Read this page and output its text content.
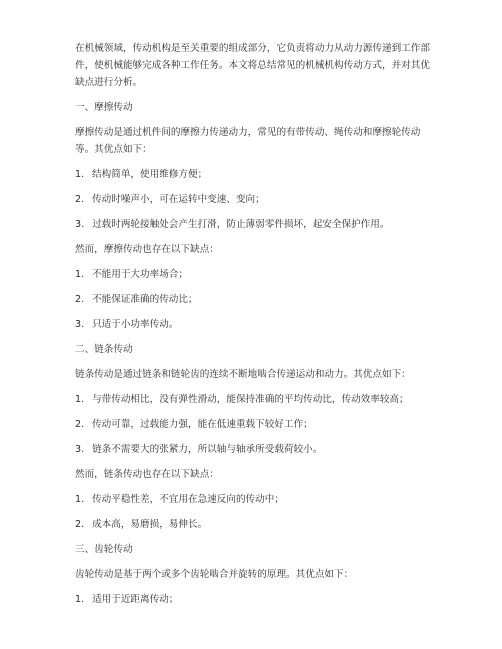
在机械领域，传动机构是至关重要的组成部分，它负责将动力从动力源传递到工作部件，使机械能够完成各种工作任务。本文将总结常见的机械机构传动方式，并对其优缺点进行分析。

一、摩擦传动

摩擦传动是通过机件间的摩擦力传递动力，常见的有带传动、绳传动和摩擦轮传动等。其优点如下：

1. 结构简单，使用维修方便；

2. 传动时噪声小，可在运转中变速、变向；

3. 过载时两轮接触处会产生打滑，防止薄弱零件损坏，起安全保护作用。

然而，摩擦传动也存在以下缺点：

1. 不能用于大功率场合；

2. 不能保证准确的传动比；

3. 只适于小功率传动。

二、链条传动

链条传动是通过链条和链轮齿的连续不断地啮合传递运动和动力。其优点如下：

1. 与带传动相比，没有弹性滑动，能保持准确的平均传动比，传动效率较高；

2. 传动可靠，过载能力强，能在低速重载下较好工作；

3. 链条不需要大的张紧力，所以轴与轴承所受载荷较小。

然而，链条传动也存在以下缺点：

1. 传动平稳性差，不宜用在急速反向的传动中；

2. 成本高，易磨损，易伸长。

三、齿轮传动

齿轮传动是基于两个或多个齿轮啮合并旋转的原理。其优点如下：

1. 适用于近距离传动；
